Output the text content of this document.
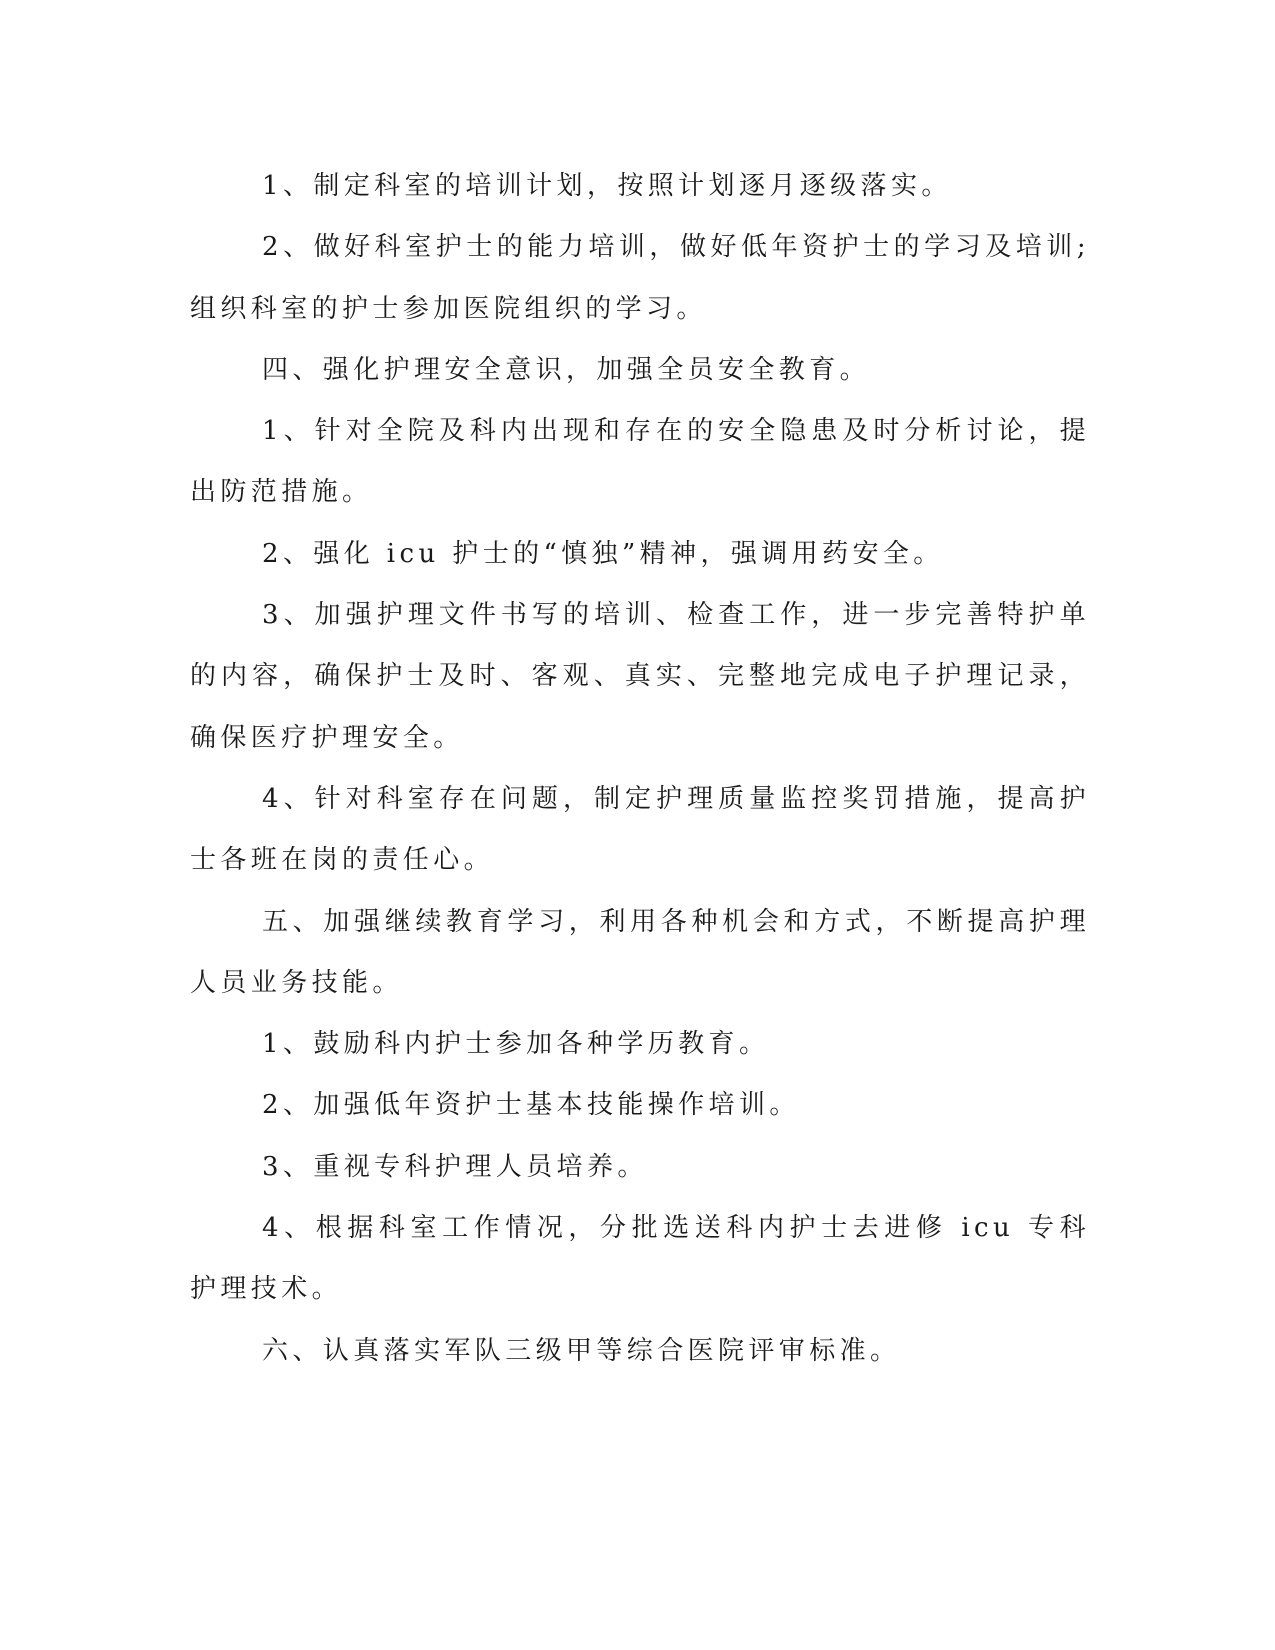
1、制定科室的培训计划，按照计划逐月逐级落实。

2、做好科室护士的能力培训，做好低年资护士的学习及培训;组织科室的护士参加医院组织的学习。

四、强化护理安全意识，加强全员安全教育。

1、针对全院及科内出现和存在的安全隐患及时分析讨论，提出防范措施。

2、强化 icu 护士的“慎独”精神，强调用药安全。

3、加强护理文件书写的培训、检查工作，进一步完善特护单的内容，确保护士及时、客观、真实、完整地完成电子护理记录，确保医疗护理安全。

4、针对科室存在问题，制定护理质量监控奖罚措施，提高护士各班在岗的责任心。

五、加强继续教育学习，利用各种机会和方式，不断提高护理人员业务技能。

1、鼓励科内护士参加各种学历教育。

2、加强低年资护士基本技能操作培训。

3、重视专科护理人员培养。

4、根据科室工作情况，分批选送科内护士去进修 icu 专科护理技术。

六、认真落实军队三级甲等综合医院评审标准。
